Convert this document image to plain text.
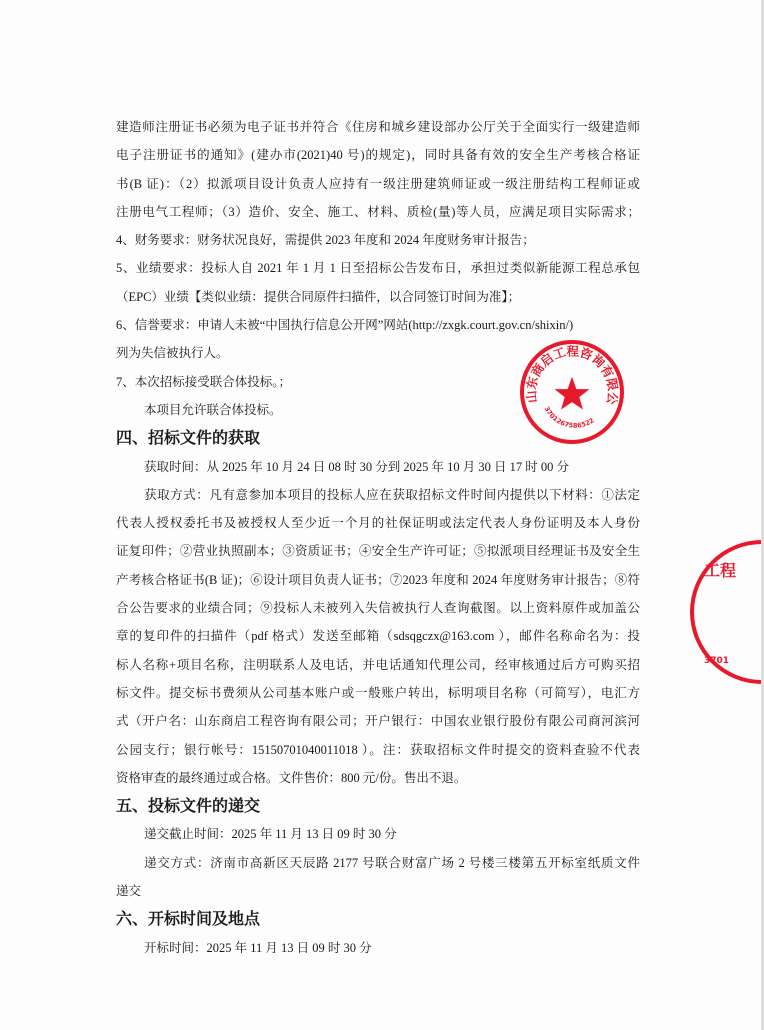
建造师注册证书必须为电子证书并符合《住房和城乡建设部办公厅关于全面实行一级建造师
电子注册证书的通知》(建办市(2021)40 号)的规定)，同时具备有效的安全生产考核合格证
书(B 证)：（2）拟派项目设计负责人应持有一级注册建筑师证或一级注册结构工程师证或
注册电气工程师；（3）造价、安全、施工、材料、质检(量)等人员，应满足项目实际需求；
4、财务要求：财务状况良好，需提供 2023 年度和 2024 年度财务审计报告；
5、业绩要求：投标人自 2021 年 1 月 1 日至招标公告发布日，承担过类似新能源工程总承包
（EPC）业绩【类似业绩：提供合同原件扫描件，以合同签订时间为准】；
6、信誉要求：申请人未被“中国执行信息公开网”网站(http://zxgk.court.gov.cn/shixin/)
列为失信被执行人。
7、本次招标接受联合体投标。；
本项目允许联合体投标。
四、招标文件的获取
获取时间：从 2025 年 10 月 24 日 08 时 30 分到 2025 年 10 月 30 日 17 时 00 分
获取方式：凡有意参加本项目的投标人应在获取招标文件时间内提供以下材料：①法定
代表人授权委托书及被授权人至少近一个月的社保证明或法定代表人身份证明及本人身份
证复印件；②营业执照副本；③资质证书；④安全生产许可证；⑤拟派项目经理证书及安全生
产考核合格证书(B 证)；⑥设计项目负责人证书；⑦2023 年度和 2024 年度财务审计报告；⑧符
合公告要求的业绩合同；⑨投标人未被列入失信被执行人查询截图。以上资料原件或加盖公
章的复印件的扫描件（pdf 格式）发送至邮箱（sdsqgczx@163.com ），邮件名称命名为：投
标人名称+项目名称，注明联系人及电话，并电话通知代理公司，经审核通过后方可购买招
标文件。提交标书费须从公司基本账户或一般账户转出，标明项目名称（可简写），电汇方
式（开户名：山东商启工程咨询有限公司；开户银行：中国农业银行股份有限公司商河滨河
公园支行；银行帐号：15150701040011018 ）。注：获取招标文件时提交的资料查验不代表
资格审查的最终通过或合格。文件售价：800 元/份。售出不退。
五、投标文件的递交
递交截止时间：2025 年 11 月 13 日 09 时 30 分
递交方式：济南市高新区天辰路 2177 号联合财富广场 2 号楼三楼第五开标室纸质文件
递交
六、开标时间及地点
开标时间：2025 年 11 月 13 日 09 时 30 分
山东商启工程咨询有限公
3701267586522
工程
3701
